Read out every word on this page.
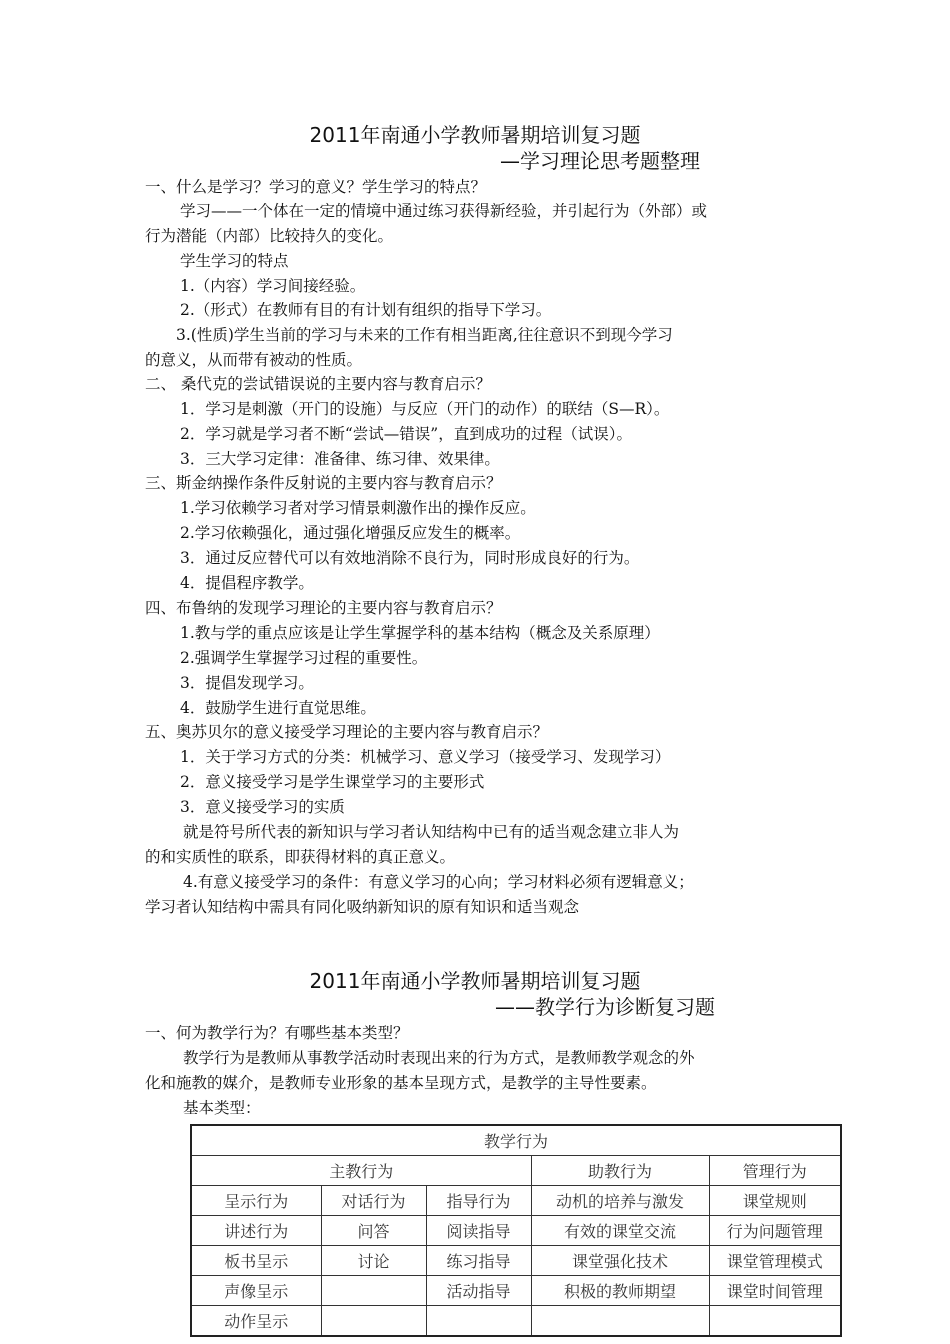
2011年南通小学教师暑期培训复习题
—学习理论思考题整理
一、什么是学习？学习的意义？学生学习的特点？
学习——一个体在一定的情境中通过练习获得新经验，并引起行为（外部）或
行为潜能（内部）比较持久的变化。
学生学习的特点
1.（内容）学习间接经验。
2.（形式）在教师有目的有计划有组织的指导下学习。
3.(性质)学生当前的学习与未来的工作有相当距离,往往意识不到现今学习
的意义，从而带有被动的性质。
二、 桑代克的尝试错误说的主要内容与教育启示？
1．学习是刺激（开门的设施）与反应（开门的动作）的联结（S—R）。
2．学习就是学习者不断“尝试—错误”，直到成功的过程（试误）。
3．三大学习定律：准备律、练习律、效果律。
三、斯金纳操作条件反射说的主要内容与教育启示？
1.学习依赖学习者对学习情景刺激作出的操作反应。
2.学习依赖强化，通过强化增强反应发生的概率。
3．通过反应替代可以有效地消除不良行为，同时形成良好的行为。
4．提倡程序教学。
四、布鲁纳的发现学习理论的主要内容与教育启示？
1.教与学的重点应该是让学生掌握学科的基本结构（概念及关系原理）
2.强调学生掌握学习过程的重要性。
3．提倡发现学习。
4．鼓励学生进行直觉思维。
五、奥苏贝尔的意义接受学习理论的主要内容与教育启示？
1．关于学习方式的分类：机械学习、意义学习（接受学习、发现学习）
2．意义接受学习是学生课堂学习的主要形式
3．意义接受学习的实质
就是符号所代表的新知识与学习者认知结构中已有的适当观念建立非人为
的和实质性的联系，即获得材料的真正意义。
4.有意义接受学习的条件：有意义学习的心向；学习材料必须有逻辑意义；
学习者认知结构中需具有同化吸纳新知识的原有知识和适当观念
2011年南通小学教师暑期培训复习题
——教学行为诊断复习题
一、何为教学行为？有哪些基本类型？
教学行为是教师从事教学活动时表现出来的行为方式，是教师教学观念的外
化和施教的媒介，是教师专业形象的基本呈现方式，是教学的主导性要素。
基本类型：
教学行为				
主教行为			助教行为	管理行为
呈示行为	对话行为	指导行为	动机的培养与激发	课堂规则
讲述行为	问答	阅读指导	有效的课堂交流	行为问题管理
板书呈示	讨论	练习指导	课堂强化技术	课堂管理模式
声像呈示		活动指导	积极的教师期望	课堂时间管理
动作呈示				
